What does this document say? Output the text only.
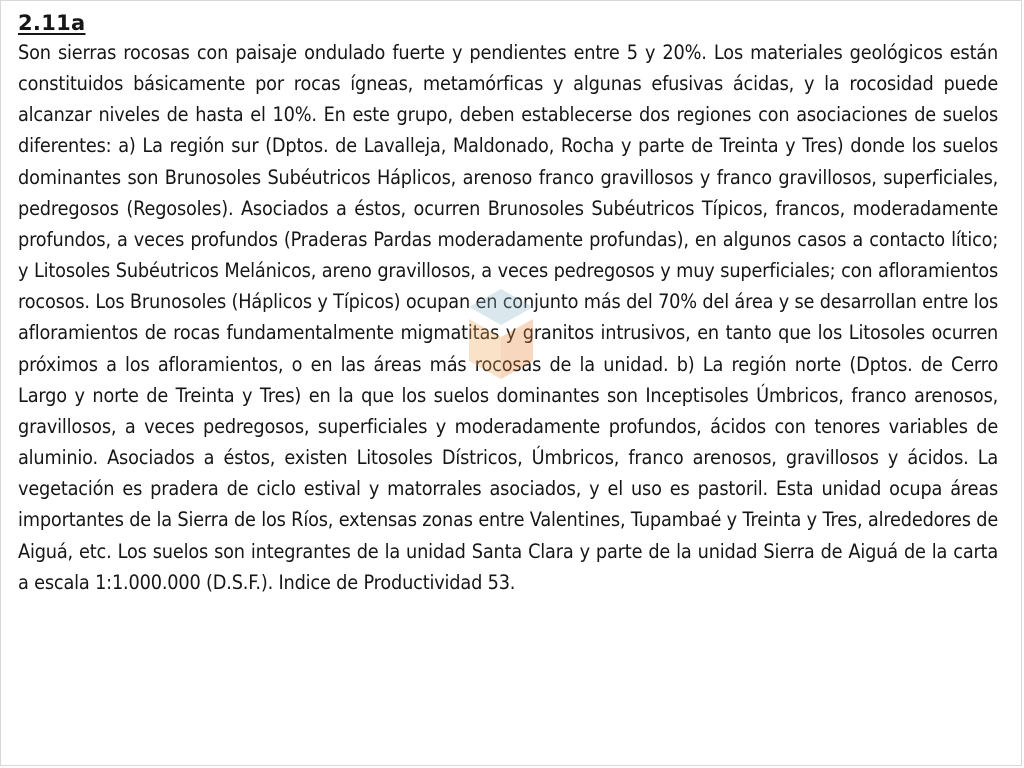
2.11a

Son sierras rocosas con paisaje ondulado fuerte y pendientes entre 5 y 20%. Los materiales geológicos están constituidos básicamente por rocas ígneas, metamórficas y algunas efusivas ácidas, y la rocosidad puede alcanzar niveles de hasta el 10%. En este grupo, deben establecerse dos regiones con asociaciones de suelos diferentes: a) La región sur (Dptos. de Lavalleja, Maldonado, Rocha y parte de Treinta y Tres) donde los suelos dominantes son Brunosoles Subéutricos Háplicos, arenoso franco gravillosos y franco gravillosos, superficiales, pedregosos (Regosoles). Asociados a éstos, ocurren Brunosoles Subéutricos Típicos, francos, moderadamente profundos, a veces profundos (Praderas Pardas moderadamente profundas), en algunos casos a contacto lítico; y Litosoles Subéutricos Melánicos, areno gravillosos, a veces pedregosos y muy superficiales; con afloramientos rocosos. Los Brunosoles (Háplicos y Típicos) ocupan en conjunto más del 70% del área y se desarrollan entre los afloramientos de rocas fundamentalmente migmatitas y granitos intrusivos, en tanto que los Litosoles ocurren próximos a los afloramientos, o en las áreas más rocosas de la unidad. b) La región norte (Dptos. de Cerro Largo y norte de Treinta y Tres) en la que los suelos dominantes son Inceptisoles Úmbricos, franco arenosos, gravillosos, a veces pedregosos, superficiales y moderadamente profundos, ácidos con tenores variables de aluminio. Asociados a éstos, existen Litosoles Dístricos, Úmbricos, franco arenosos, gravillosos y ácidos. La vegetación es pradera de ciclo estival y matorrales asociados, y el uso es pastoril. Esta unidad ocupa áreas importantes de la Sierra de los Ríos, extensas zonas entre Valentines, Tupambaé y Treinta y Tres, alrededores de Aiguá, etc. Los suelos son integrantes de la unidad Santa Clara y parte de la unidad Sierra de Aiguá de la carta a escala 1:1.000.000 (D.S.F.). Indice de Productividad 53.
